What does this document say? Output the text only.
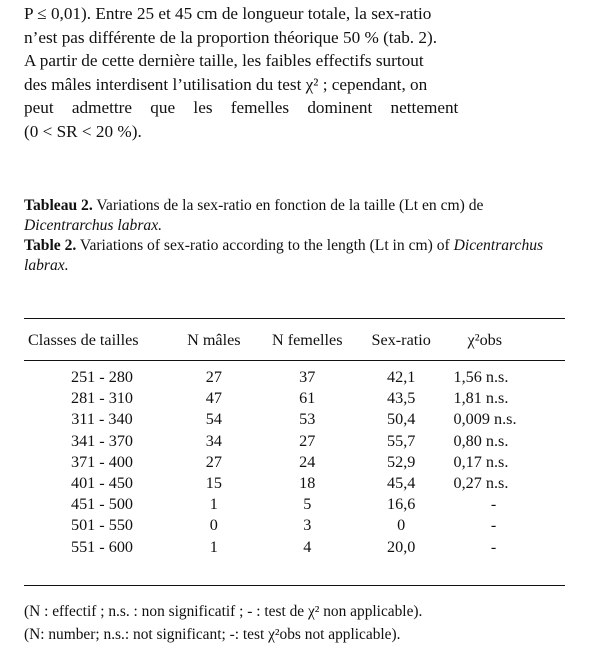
P ≤ 0,01). Entre 25 et 45 cm de longueur totale, la sex-ratio
n’est pas différente de la proportion théorique 50 % (tab. 2).
A partir de cette dernière taille, les faibles effectifs surtout
des mâles interdisent l’utilisation du test χ² ; cependant, on
peut admettre que les femelles dominent nettement
(0 < SR < 20 %).
Tableau 2. Variations de la sex-ratio en fonction de la taille (Lt en cm) de Dicentrarchus labrax.
Table 2. Variations of sex-ratio according to the length (Lt in cm) of Dicentrarchus labrax.
Classes de tailles	N mâles	N femelles	Sex-ratio	χ²obs
251 - 280	27	37	42,1	1,56 n.s.
281 - 310	47	61	43,5	1,81 n.s.
311 - 340	54	53	50,4	0,009 n.s.
341 - 370	34	27	55,7	0,80 n.s.
371 - 400	27	24	52,9	0,17 n.s.
401 - 450	15	18	45,4	0,27 n.s.
451 - 500	1	5	16,6	-
501 - 550	0	3	0	-
551 - 600	1	4	20,0	-
(N : effectif ; n.s. : non significatif ; - : test de χ² non applicable).
(N: number; n.s.: not significant; -: test χ²obs not applicable).
